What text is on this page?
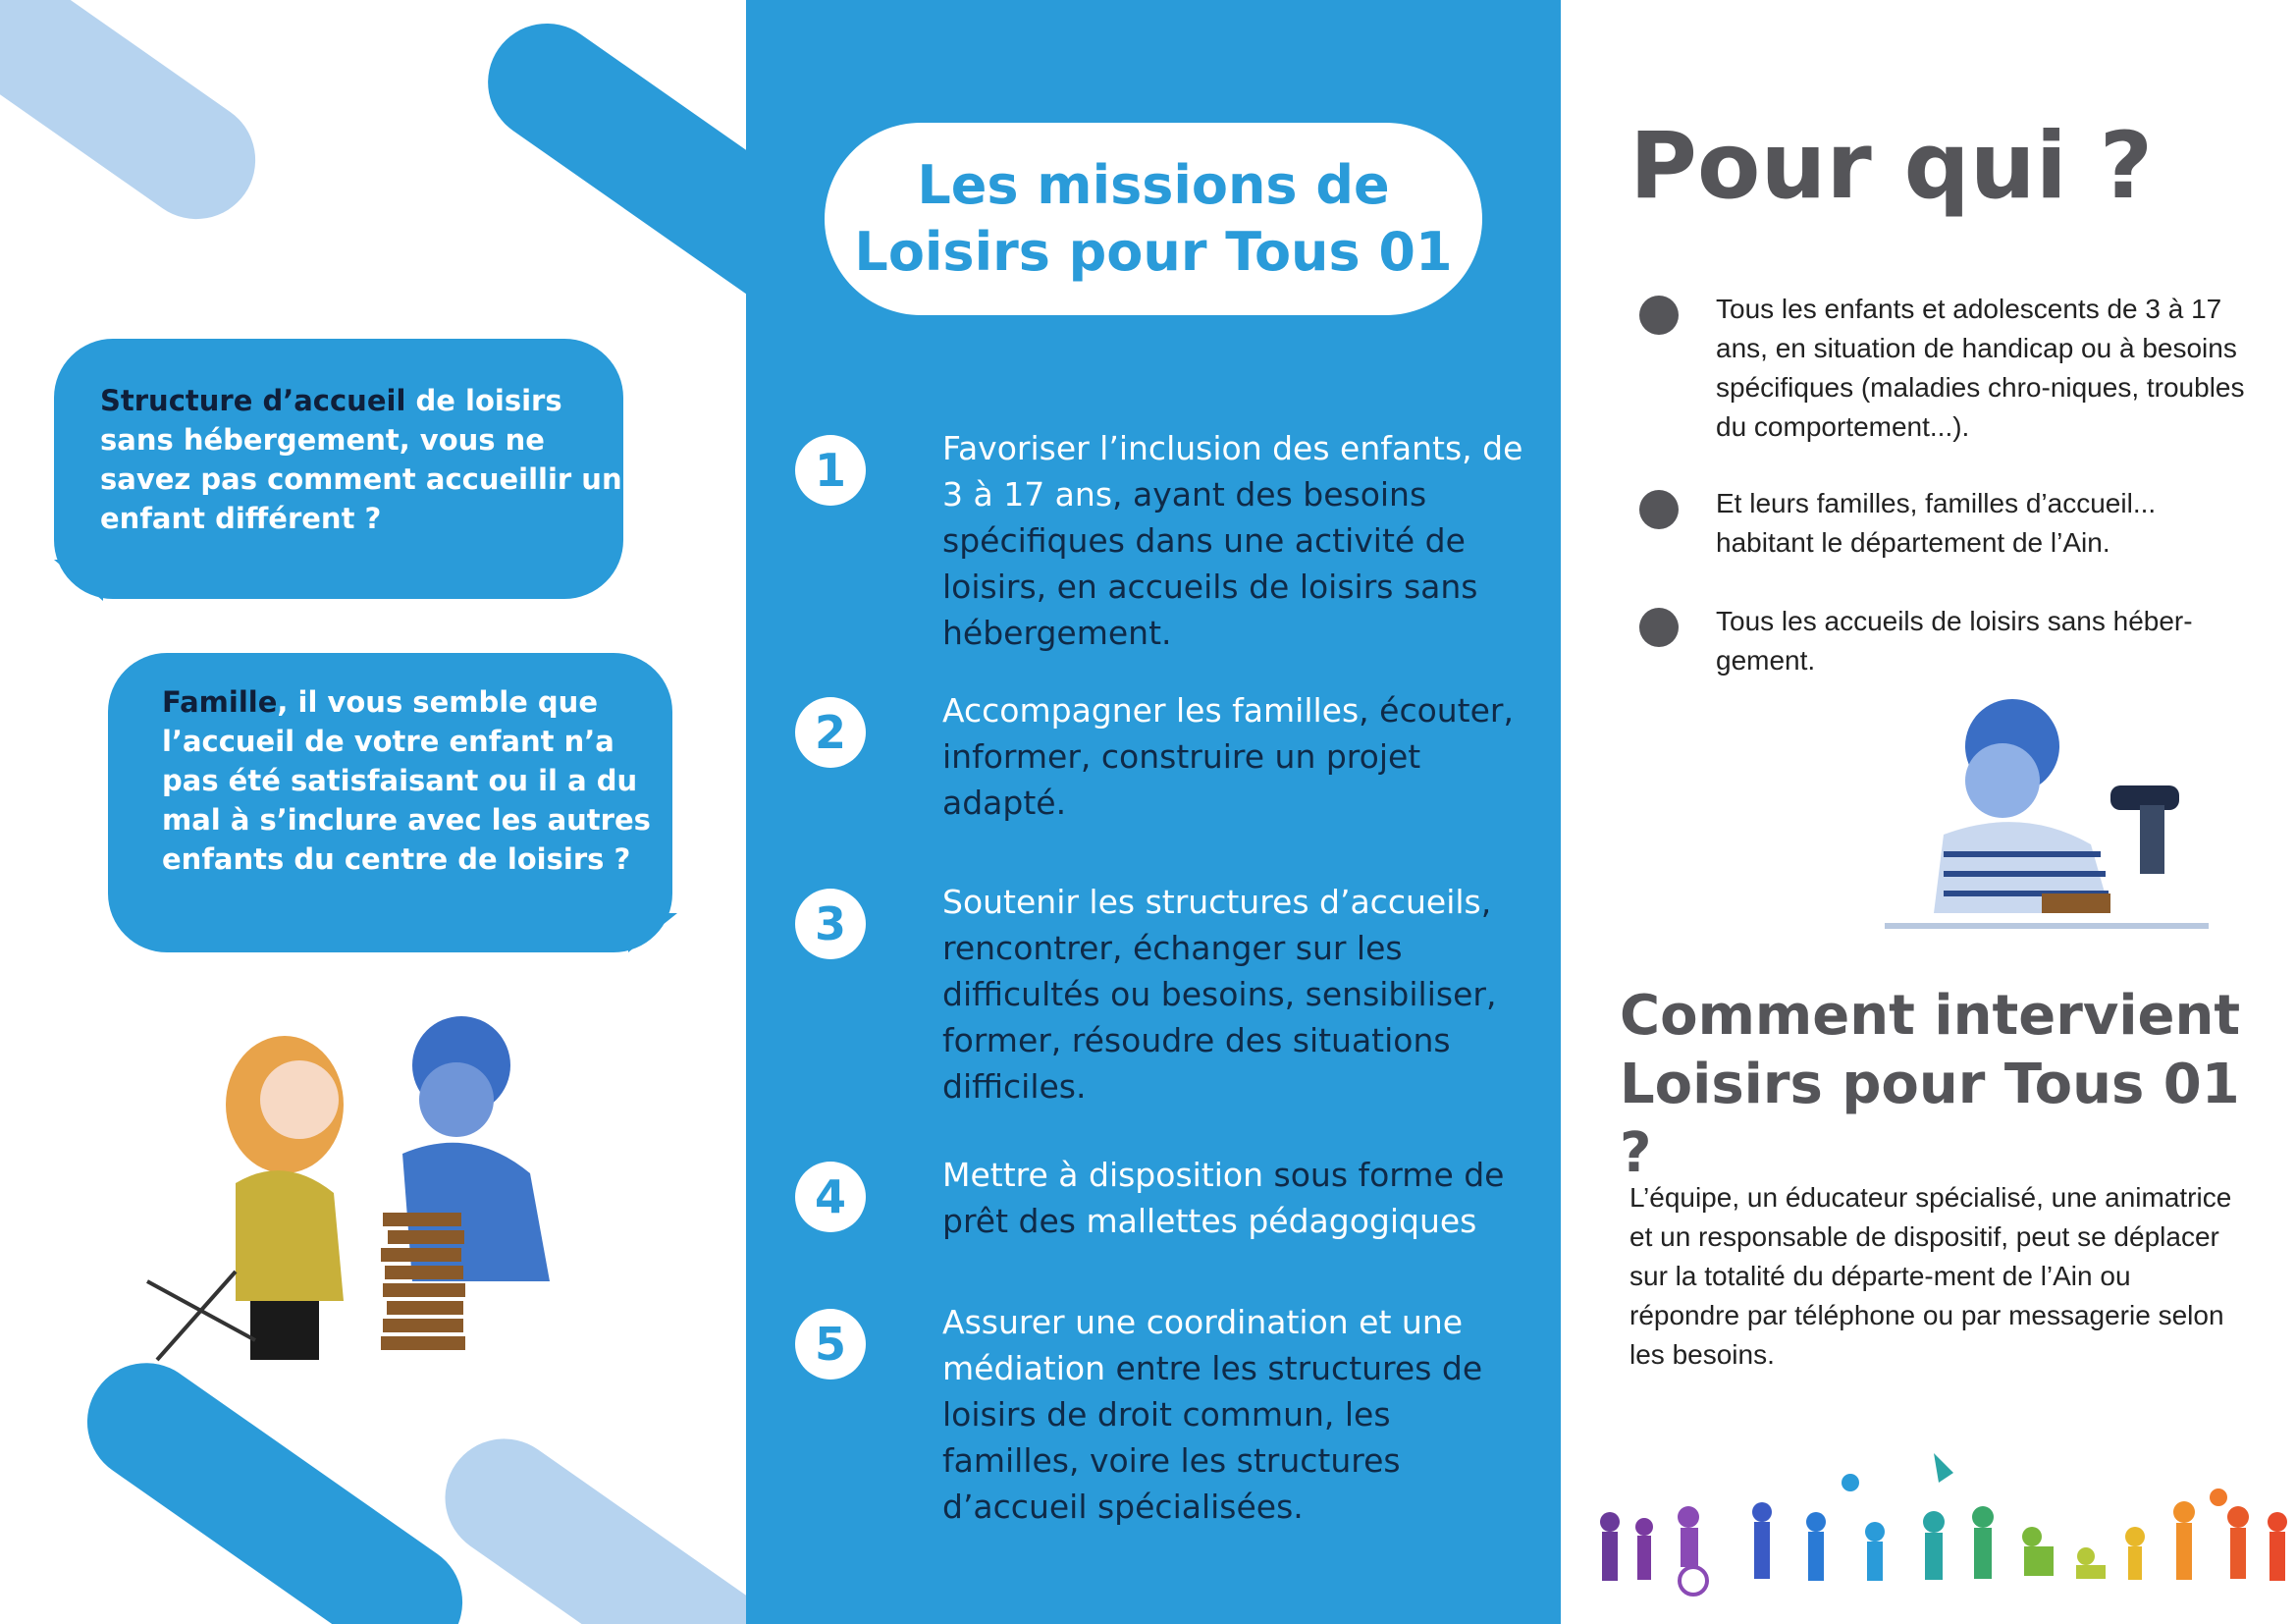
Structure d’accueil de loisirs sans hébergement, vous ne savez pas comment accueillir un enfant différent ?
Famille, il vous semble que l’accueil de votre enfant n’a pas été satisfaisant ou il a du mal à s’inclure avec les autres enfants du centre de loisirs ?
Les missions de
Loisirs pour Tous 01
1	Favoriser l’inclusion des enfants, de 3 à 17 ans, ayant des besoins spécifiques dans une activité de loisirs, en accueils de loisirs sans hébergement.
2	Accompagner les familles, écouter, informer, construire un projet adapté.
3	Soutenir les structures d’accueils, rencontrer, échanger sur les difficultés ou besoins, sensibiliser, former, résoudre des situations difficiles.
4	Mettre à disposition sous forme de prêt des mallettes pédagogiques
5	Assurer une coordination et une médiation entre les structures de loisirs de droit commun, les familles, voire les structures d’accueil spécialisées.
Pour qui ?
Tous les enfants et adolescents de 3 à 17 ans, en situation de handicap ou à besoins spécifiques (maladies chro-niques, troubles du comportement...).
Et leurs familles, familles d’accueil... habitant le département de l’Ain.
Tous les accueils de loisirs sans héber-gement.
Comment intervient
Loisirs pour Tous 01 ?
L’équipe, un éducateur spécialisé, une animatrice et un responsable de dispositif, peut se déplacer sur la totalité du départe-ment de l’Ain ou répondre par téléphone ou par messagerie selon les besoins.
